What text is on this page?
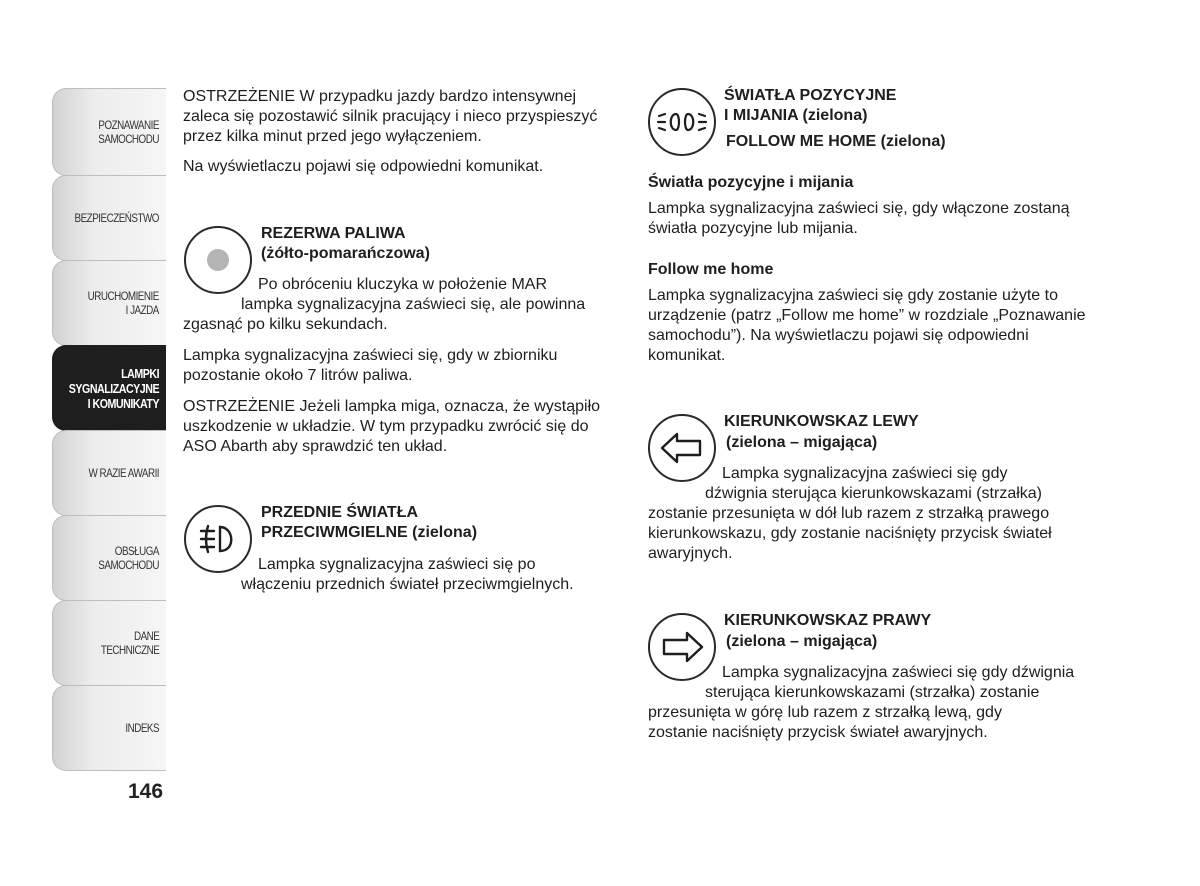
POZNAWANIE
SAMOCHODU
BEZPIECZEŃSTWO
URUCHOMIENIE
I JAZDA
LAMPKI
SYGNALIZACYJNE
I KOMUNIKATY
W RAZIE AWARII
OBSŁUGA
SAMOCHODU
DANE
TECHNICZNE
INDEKS
146

OSTRZEŻENIE W przypadku jazdy bardzo intensywnej zaleca się pozostawić silnik pracujący i nieco przyspieszyć przez kilka minut przed jego wyłączeniem.

Na wyświetlaczu pojawi się odpowiedni komunikat.

REZERWA PALIWA
(żółto-pomarańczowa)

Po obróceniu kluczyka w położenie MAR

lampka sygnalizacyjna zaświeci się, ale powinna

zgasnąć po kilku sekundach.

Lampka sygnalizacyjna zaświeci się, gdy w zbiorniku pozostanie około 7 litrów paliwa.

OSTRZEŻENIE Jeżeli lampka miga, oznacza, że wystąpiło uszkodzenie w układzie. W tym przypadku zwrócić się do ASO Abarth aby sprawdzić ten układ.

PRZEDNIE ŚWIATŁA
PRZECIWMGIELNE (zielona)

Lampka sygnalizacyjna zaświeci się po

włączeniu przednich świateł przeciwmgielnych.

ŚWIATŁA POZYCYJNE
I MIJANIA (zielona)
FOLLOW ME HOME (zielona)
Światła pozycyjne i mijania

Lampka sygnalizacyjna zaświeci się, gdy włączone zostaną światła pozycyjne lub mijania.

Follow me home

Lampka sygnalizacyjna zaświeci się gdy zostanie użyte to urządzenie (patrz „Follow me home” w rozdziale „Poznawanie samochodu”). Na wyświetlaczu pojawi się odpowiedni komunikat.

KIERUNKOWSKAZ LEWY
(zielona – migająca)

Lampka sygnalizacyjna zaświeci się gdy

dźwignia sterująca kierunkowskazami (strzałka)

zostanie przesunięta w dół lub razem z strzałką prawego kierunkowskazu, gdy zostanie naciśnięty przycisk świateł awaryjnych.

KIERUNKOWSKAZ PRAWY
(zielona – migająca)

Lampka sygnalizacyjna zaświeci się gdy dźwignia

sterująca kierunkowskazami (strzałka) zostanie

przesunięta w górę lub razem z strzałką lewą, gdy zostanie naciśnięty przycisk świateł awaryjnych.
